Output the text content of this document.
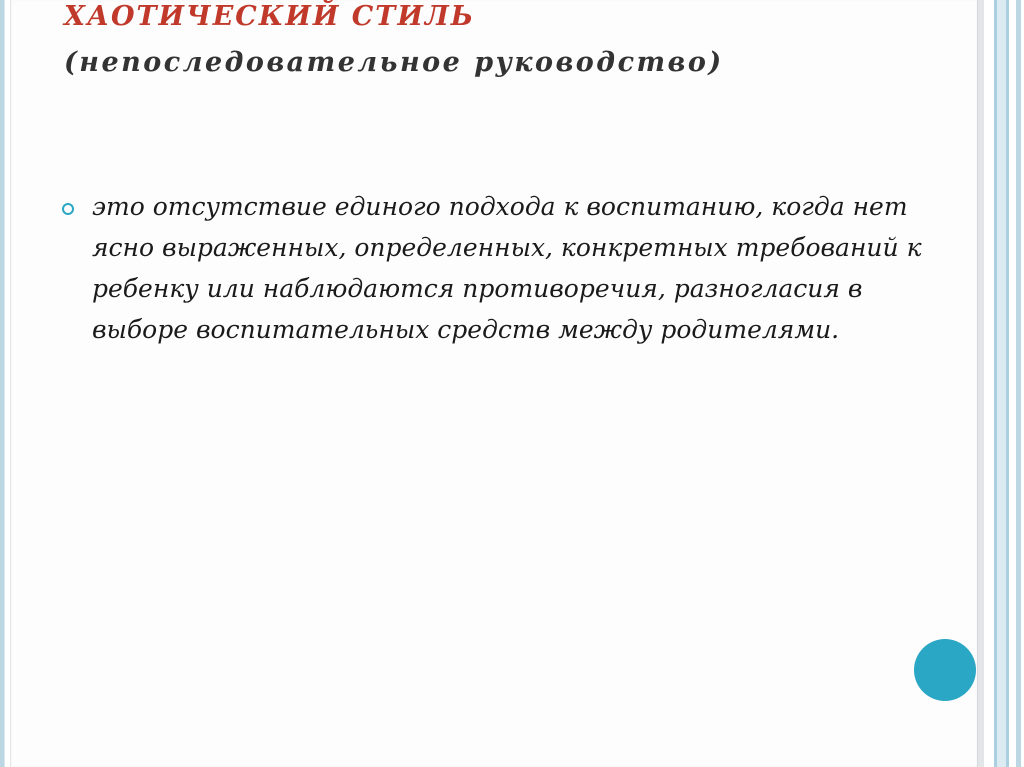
ХАОТИЧЕСКИЙ СТИЛЬ
(непоследовательное руководство)
это отсутствие единого подхода к воспитанию, когда нет ясно выраженных, определенных, конкретных требований к ребенку или наблюдаются противоречия, разногласия в выборе воспитательных средств между родителями.
